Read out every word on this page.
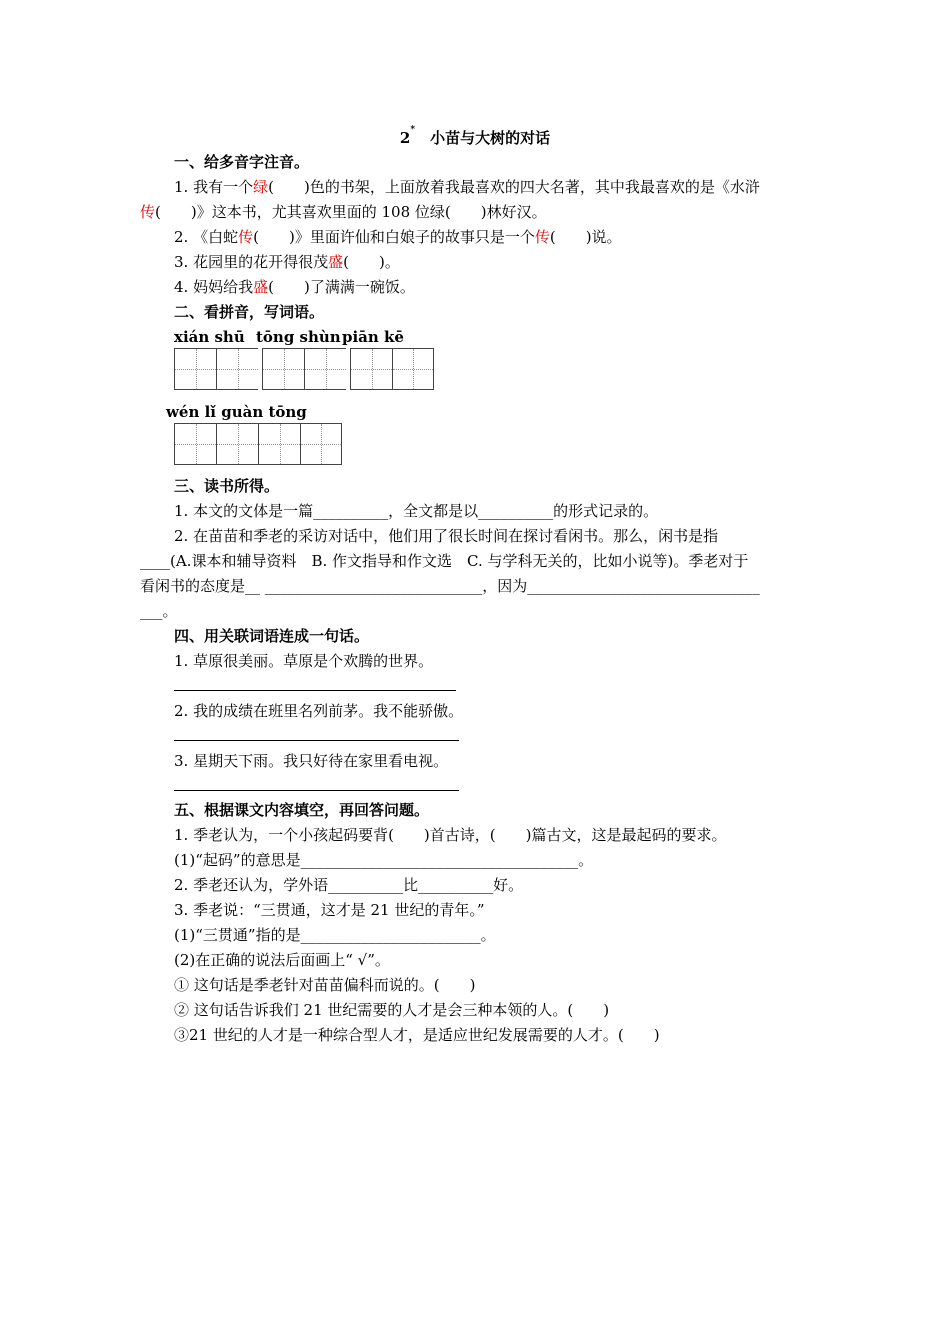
2*　 小苗与大树的对话
一、给多音字注音。
1. 我有一个绿(　　)色的书架，上面放着我最喜欢的四大名著，其中我最喜欢的是《水浒
传(　　)》这本书，尤其喜欢里面的 108 位绿(　　)林好汉。
2. 《白蛇传(　　)》里面许仙和白娘子的故事只是一个传(　　)说。
3. 花园里的花开得很茂盛(　　)。
4. 妈妈给我盛(　　)了满满一碗饭。
二、看拼音，写词语。
xián shū tōng shùn piān kē
wén lǐ guàn tōng
三、读书所得。
1. 本文的文体是一篇__________，全文都是以__________的形式记录的。
2. 在苗苗和季老的采访对话中，他们用了很长时间在探讨看闲书。那么，闲书是指
____(A.课本和辅导资料　B. 作文指导和作文选　C. 与学科无关的，比如小说等)。季老对于
看闲书的态度是__ _____________________________，因为_______________________________
___。
四、用关联词语连成一句话。
1. 草原很美丽。草原是个欢腾的世界。
2. 我的成绩在班里名列前茅。我不能骄傲。
3. 星期天下雨。我只好待在家里看电视。
五、根据课文内容填空，再回答问题。
1. 季老认为，一个小孩起码要背(　　)首古诗，(　　)篇古文，这是最起码的要求。
(1)“起码”的意思是_____________________________________。
2. 季老还认为，学外语__________比__________好。
3. 季老说：“三贯通，这才是 21 世纪的青年。”
(1)“三贯通”指的是________________________。
(2)在正确的说法后面画上“ √”。
① 这句话是季老针对苗苗偏科而说的。(　　)
② 这句话告诉我们 21 世纪需要的人才是会三种本领的人。(　　)
③21 世纪的人才是一种综合型人才，是适应世纪发展需要的人才。(　　)
